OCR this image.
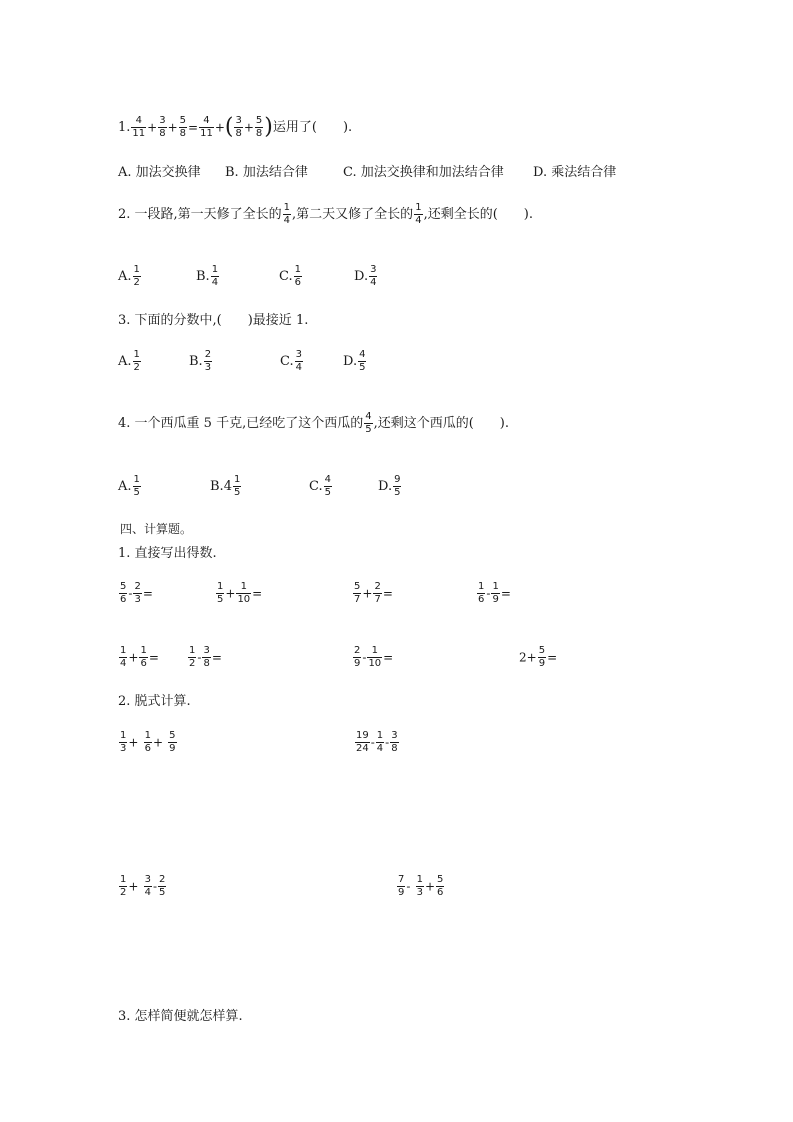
1. $\frac{4}{11} + \frac{3}{8} + \frac{5}{8} = \frac{4}{11}$ +( $\frac{3}{8} + \frac{5}{8}$ )运用了(　　).
A. 加法交换律 B. 加法结合律	C. 加法交换律和加法结合律 D. 乘法结合律
2. 一段路,第一天修了全长的 $\frac{1}{4}$ ,第二天又修了全长的 $\frac{1}{4}$ ,还剩全长的(　　).
A. $\frac{1}{2}$	B. $\frac{1}{4}$	C. $\frac{1}{6}$	D. $\frac{3}{4}$
3. 下面的分数中,(　　)最接近 1.
A. $\frac{1}{2}$	B. $\frac{2}{3}$	C. $\frac{3}{4}$	D. $\frac{4}{5}$
4. 一个西瓜重 5 千克,已经吃了这个西瓜的 $\frac{4}{5}$ ,还剩这个西瓜的(　　).
A. $\frac{1}{5}$	$B.4 \frac{1}{5}$	C. $\frac{4}{5}$	D. $\frac{9}{5}$
四、计算题。
1. 直接写出得数.
$\frac{5}{6} - \frac{2}{3}$ =	$\frac{1}{5} + \frac{1}{10}$ =	$\frac{5}{7} + \frac{2}{7}$ =	$\frac{1}{6} - \frac{1}{9}$ =
$\frac{1}{4} + \frac{1}{6}$ =	$\frac{1}{2} - \frac{3}{8}$ =	$\frac{2}{9} - \frac{1}{10}$ =	$2+ \frac{5}{9}$ =
2. 脱式计算.
$\frac{1}{3} + \frac{1}{6} + \frac{5}{9}$	$\frac{19}{24} - \frac{1}{4} - \frac{3}{8}$
$\frac{1}{2} + \frac{3}{4} - \frac{2}{5}$	$\frac{7}{9} - \frac{1}{3} + \frac{5}{6}$
3. 怎样简便就怎样算.
